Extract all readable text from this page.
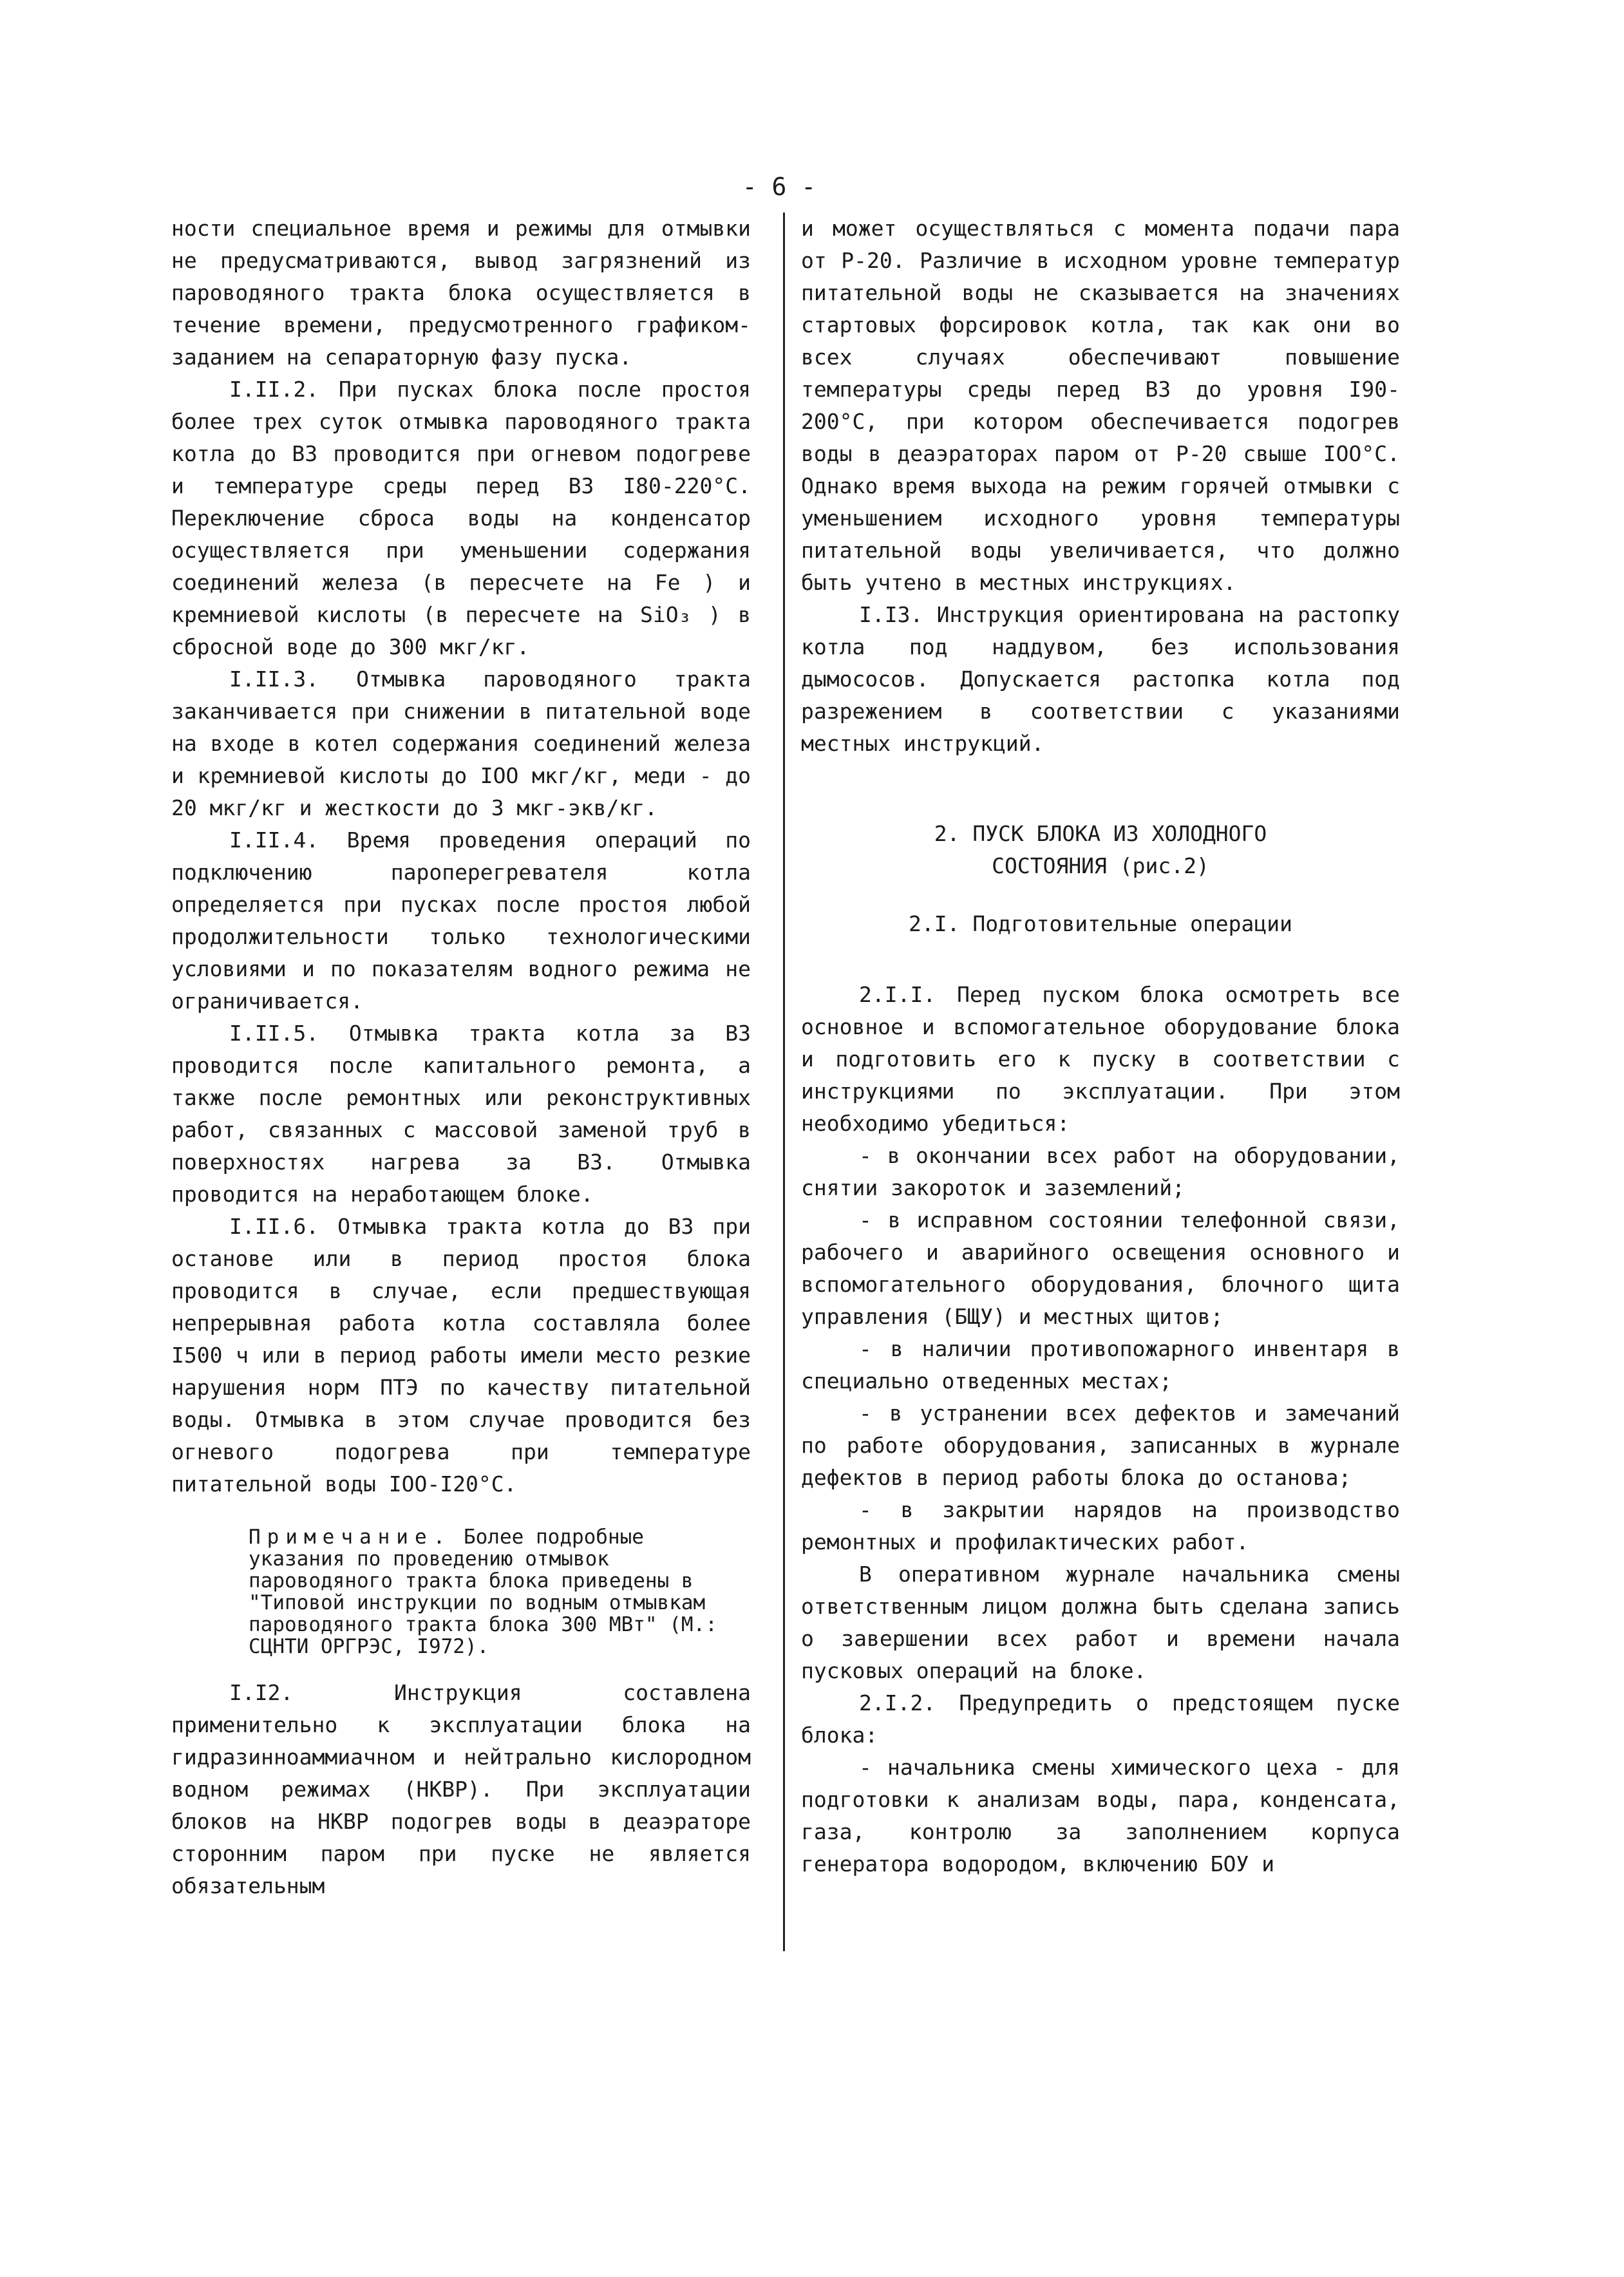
- 6 -

ности специальное время и режимы для отмывки не предусматриваются, вывод загрязнений из пароводяного тракта блока осуществляется в течение времени, предусмотренного графиком-заданием на сепараторную фазу пуска.

I.II.2. При пусках блока после простоя более трех суток отмывка пароводяного тракта котла до ВЗ проводится при огневом подогреве и температуре среды перед ВЗ I80-220°С. Переключение сброса воды на конденсатор осуществляется при уменьшении содержания соединений железа (в пересчете на Fe ) и кремниевой кислоты (в пересчете на SiO₃ ) в сбросной воде до 300 мкг/кг.

I.II.3. Отмывка пароводяного тракта заканчивается при снижении в питательной воде на входе в котел содержания соединений железа и кремниевой кислоты до IOO мкг/кг, меди - до 20 мкг/кг и жесткости до 3 мкг-экв/кг.

I.II.4. Время проведения операций по подключению пароперегревателя котла определяется при пусках после простоя любой продолжительности только технологическими условиями и по показателям водного режима не ограничивается.

I.II.5. Отмывка тракта котла за ВЗ проводится после капитального ремонта, а также после ремонтных или реконструктивных работ, связанных с массовой заменой труб в поверхностях нагрева за ВЗ. Отмывка проводится на неработающем блоке.

I.II.6. Отмывка тракта котла до ВЗ при останове или в период простоя блока проводится в случае, если предшествующая непрерывная работа котла составляла более I500 ч или в период работы имели место резкие нарушения норм ПТЭ по качеству питательной воды. Отмывка в этом случае проводится без огневого подогрева при температуре питательной воды IOO-I20°С.

Примечание. Более подробные указания по проведению отмывок пароводяного тракта блока приведены в "Типовой инструкции по водным отмывкам пароводяного тракта блока 300 МВт" (М.: СЦНТИ ОРГРЭС, I972).

I.I2. Инструкция составлена применительно к эксплуатации блока на гидразинноаммиачном и нейтрально кислородном водном режимах (НКВР). При эксплуатации блоков на НКВР подогрев воды в деаэраторе сторонним паром при пуске не является обязательным

и может осуществляться с момента подачи пара от Р-20. Различие в исходном уровне температур питательной воды не сказывается на значениях стартовых форсировок котла, так как они во всех случаях обеспечивают повышение температуры среды перед ВЗ до уровня I90-200°С, при котором обеспечивается подогрев воды в деаэраторах паром от Р-20 свыше IOO°С. Однако время выхода на режим горячей отмывки с уменьшением исходного уровня температуры питательной воды увеличивается, что должно быть учтено в местных инструкциях.

I.I3. Инструкция ориентирована на растопку котла под наддувом, без использования дымососов. Допускается растопка котла под разрежением в соответствии с указаниями местных инструкций.

2. ПУСК БЛОКА ИЗ ХОЛОДНОГО
СОСТОЯНИЯ (рис.2)
2.I. Подготовительные операции

2.I.I. Перед пуском блока осмотреть все основное и вспомогательное оборудование блока и подготовить его к пуску в соответствии с инструкциями по эксплуатации. При этом необходимо убедиться:

- в окончании всех работ на оборудовании, снятии закороток и заземлений;

- в исправном состоянии телефонной связи, рабочего и аварийного освещения основного и вспомогательного оборудования, блочного щита управления (БЩУ) и местных щитов;

- в наличии противопожарного инвентаря в специально отведенных местах;

- в устранении всех дефектов и замечаний по работе оборудования, записанных в журнале дефектов в период работы блока до останова;

- в закрытии нарядов на производство ремонтных и профилактических работ.

В оперативном журнале начальника смены ответственным лицом должна быть сделана запись о завершении всех работ и времени начала пусковых операций на блоке.

2.I.2. Предупредить о предстоящем пуске блока:

- начальника смены химического цеха - для подготовки к анализам воды, пара, конденсата, газа, контролю за заполнением корпуса генератора водородом, включению БОУ и
